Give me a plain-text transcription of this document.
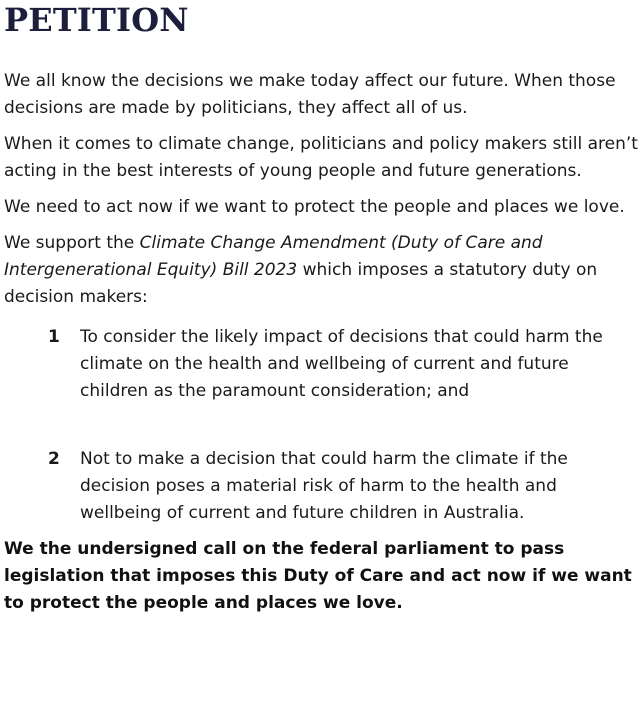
PETITION

We all know the decisions we make today affect our future. When those decisions are made by politicians, they affect all of us.

When it comes to climate change, politicians and policy makers still aren’t acting in the best interests of young people and future generations.

We need to act now if we want to protect the people and places we love.

We support the Climate Change Amendment (Duty of Care and Intergenerational Equity) Bill 2023 which imposes a statutory duty on decision makers:

1 To consider the likely impact of decisions that could harm the climate on the health and wellbeing of current and future children as the paramount consideration; and
2 Not to make a decision that could harm the climate if the decision poses a material risk of harm to the health and wellbeing of current and future children in Australia.

We the undersigned call on the federal parliament to pass legislation that imposes this Duty of Care and act now if we want to protect the people and places we love.
